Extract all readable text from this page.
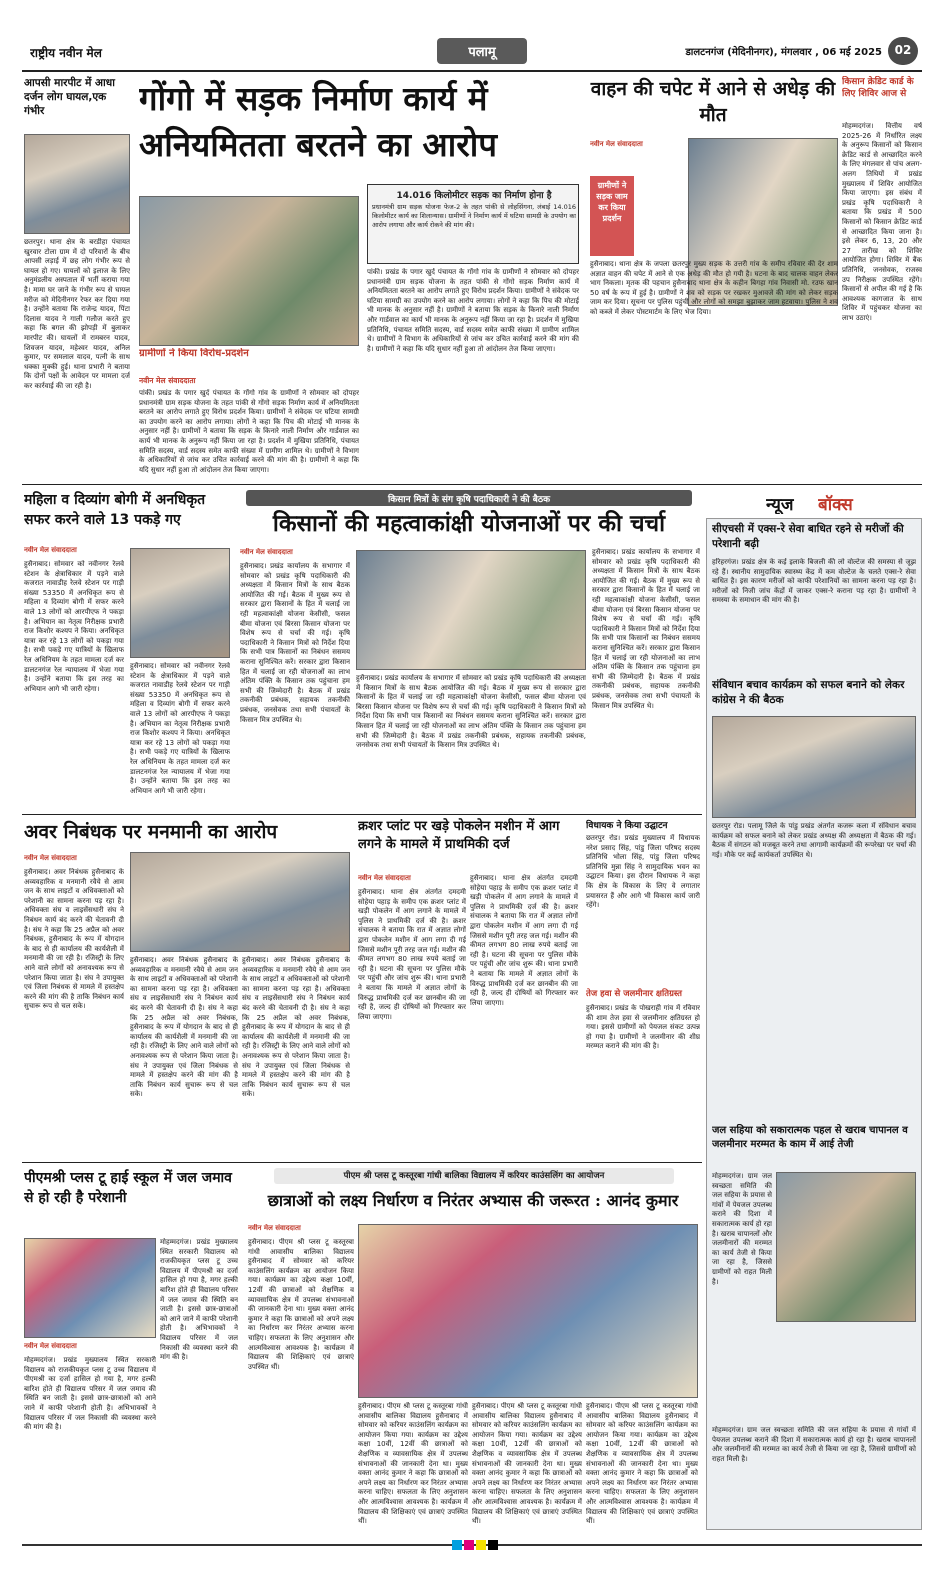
राष्ट्रीय नवीन मेल	पलामू	डालटनगंज (मेदिनीनगर), मंगलवार , 06 मई 2025	02
आपसी मारपीट में आधा दर्जन लोग घायल,एक गंभीर
छतरपुर। थाना क्षेत्र के बरडीहा पंचायत खुरवार टोला ग्राम में दो परिवारों के बीच आपसी लड़ाई में छह लोग गंभीर रूप से घायल हो गए। घायलों को इलाज के लिए अनुमंडलीय अस्पताल में भर्ती कराया गया है। मामा घर जाने के गंभीर रूप से घायल मरीज को मेदिनीनगर रेफर कर दिया गया है। उन्होंने बताया कि राजेन्द्र यादव, पिंटा दिलास यादव ने गाली गलौज करते हुए कहा कि बगल की झोपड़ी में बुलाकर मारपीट की। घायलों में रामबरन यादव, शिवजन यादव, महेश्वर यादव, अनिल कुमार, पर समलाल यादव, पत्नी के साथ धक्का मुक्की हुई। थाना प्रभारी ने बताया कि दोनों पक्षों के आवेदन पर मामला दर्ज कर कार्रवाई की जा रही है।
गोंगो में सड़क निर्माण कार्य में अनियमितता बरतने का आरोप
14.016 किलोमीटर सड़क का निर्माण होना है
प्रधानमंत्री ग्राम सड़क योजना फेज-2 के तहत पांकी से लोहसिंगना, लंबाई 14.016 किलोमीटर कार्य का शिलान्यास। ग्रामीणों ने निर्माण कार्य में घटिया सामग्री के उपयोग का आरोप लगाया और कार्य रोकने की मांग की।
पांकी। प्रखंड के पगार खुर्द पंचायत के गोंगो गांव के ग्रामीणों ने सोमवार को दोपहर प्रधानमंत्री ग्राम सड़क योजना के तहत पांकी से गोंगो सड़क निर्माण कार्य में अनियमितता बरतने का आरोप लगाते हुए विरोध प्रदर्शन किया। ग्रामीणों ने संवेदक पर घटिया सामग्री का उपयोग करने का आरोप लगाया। लोगों ने कहा कि पिच की मोटाई भी मानक के अनुसार नहीं है। ग्रामीणों ने बताया कि सड़क के किनारे नाली निर्माण और गार्डवाल का कार्य भी मानक के अनुरूप नहीं किया जा रहा है। प्रदर्शन में मुखिया प्रतिनिधि, पंचायत समिति सदस्य, वार्ड सदस्य समेत काफी संख्या में ग्रामीण शामिल थे। ग्रामीणों ने विभाग के अधिकारियों से जांच कर उचित कार्रवाई करने की मांग की है। ग्रामीणों ने कहा कि यदि सुधार नहीं हुआ तो आंदोलन तेज किया जाएगा।
ग्रामीणों ने किया विरोध-प्रदर्शन
नवीन मेल संवाददाता
पांकी। प्रखंड के पगार खुर्द पंचायत के गोंगो गांव के ग्रामीणों ने सोमवार को दोपहर प्रधानमंत्री ग्राम सड़क योजना के तहत पांकी से गोंगो सड़क निर्माण कार्य में अनियमितता बरतने का आरोप लगाते हुए विरोध प्रदर्शन किया। ग्रामीणों ने संवेदक पर घटिया सामग्री का उपयोग करने का आरोप लगाया। लोगों ने कहा कि पिच की मोटाई भी मानक के अनुसार नहीं है। ग्रामीणों ने बताया कि सड़क के किनारे नाली निर्माण और गार्डवाल का कार्य भी मानक के अनुरूप नहीं किया जा रहा है। प्रदर्शन में मुखिया प्रतिनिधि, पंचायत समिति सदस्य, वार्ड सदस्य समेत काफी संख्या में ग्रामीण शामिल थे। ग्रामीणों ने विभाग के अधिकारियों से जांच कर उचित कार्रवाई करने की मांग की है। ग्रामीणों ने कहा कि यदि सुधार नहीं हुआ तो आंदोलन तेज किया जाएगा।
वाहन की चपेट में आने से अधेड़ की मौत
नवीन मेल संवाददाता
ग्रामीणों ने सड़क जाम कर किया प्रदर्शन
हुसैनाबाद। थाना क्षेत्र के जपला छतरपुर मुख्य सड़क के उत्तरी गांव के समीप रविवार की देर शाम अज्ञात वाहन की चपेट में आने से एक अधेड़ की मौत हो गयी है। घटना के बाद चालक वाहन लेकर भाग निकला। मृतक की पहचान हुसैनाबाद थाना क्षेत्र के कहीन बिगहा गांव निवासी मो. रउफ खान 50 वर्ष के रूप में हुई है। ग्रामीणों ने शव को सड़क पर रखकर मुआवजे की मांग को लेकर सड़क जाम कर दिया। सूचना पर पुलिस पहुंची और लोगों को समझा बुझाकर जाम हटवाया। पुलिस ने शव को कब्जे में लेकर पोस्टमार्टम के लिए भेज दिया।
किसान क्रेडिट कार्ड के लिए शिविर आज से
मोहम्मदगंज। वित्तीय वर्ष 2025-26 में निर्धारित लक्ष्य के अनुरूप किसानों को किसान क्रेडिट कार्ड से आच्छादित करने के लिए मंगलवार से पांच अलग-अलग तिथियों में प्रखंड मुख्यालय में शिविर आयोजित किया जाएगा। इस संबंध में प्रखंड कृषि पदाधिकारी ने बताया कि प्रखंड में 500 किसानों को किसान क्रेडिट कार्ड से आच्छादित किया जाना है। इसे लेकर 6, 13, 20 और 27 तारीख को शिविर आयोजित होगा। शिविर में बैंक प्रतिनिधि, जनसेवक, राजस्व उप निरीक्षक उपस्थित रहेंगे। किसानों से अपील की गई है कि आवश्यक कागजात के साथ शिविर में पहुंचकर योजना का लाभ उठाएं।
महिला व दिव्यांग बोगी में अनधिकृत सफर करने वाले 13 पकड़े गए
नवीन मेल संवाददाता
हुसैनाबाद। सोमवार को नवीनगर रेलवे स्टेशन के क्षेत्राधिकार में पड़ने वाले कजरात नावाडीह रेलवे स्टेशन पर गाड़ी संख्या 53350 में अनधिकृत रूप से महिला व दिव्यांग बोगी में सफर करने वाले 13 लोगों को आरपीएफ ने पकड़ा है। अभियान का नेतृत्व निरीक्षक प्रभारी राज किशोर कश्यप ने किया। अनधिकृत यात्रा कर रहे 13 लोगों को पकड़ा गया है। सभी पकड़े गए यात्रियों के खिलाफ रेल अधिनियम के तहत मामला दर्ज कर डालटनगंज रेल न्यायालय में भेजा गया है। उन्होंने बताया कि इस तरह का अभियान आगे भी जारी रहेगा।
हुसैनाबाद। सोमवार को नवीनगर रेलवे स्टेशन के क्षेत्राधिकार में पड़ने वाले कजरात नावाडीह रेलवे स्टेशन पर गाड़ी संख्या 53350 में अनधिकृत रूप से महिला व दिव्यांग बोगी में सफर करने वाले 13 लोगों को आरपीएफ ने पकड़ा है। अभियान का नेतृत्व निरीक्षक प्रभारी राज किशोर कश्यप ने किया। अनधिकृत यात्रा कर रहे 13 लोगों को पकड़ा गया है। सभी पकड़े गए यात्रियों के खिलाफ रेल अधिनियम के तहत मामला दर्ज कर डालटनगंज रेल न्यायालय में भेजा गया है। उन्होंने बताया कि इस तरह का अभियान आगे भी जारी रहेगा।
किसान मित्रों के संग कृषि पदाधिकारी ने की बैठक
किसानों की महत्वाकांक्षी योजनाओं पर की चर्चा
नवीन मेल संवाददाता
हुसैनाबाद। प्रखंड कार्यालय के सभागार में सोमवार को प्रखंड कृषि पदाधिकारी की अध्यक्षता में किसान मित्रों के साथ बैठक आयोजित की गई। बैठक में मुख्य रूप से सरकार द्वारा किसानों के हित में चलाई जा रही महत्वाकांक्षी योजना केसीसी, फसल बीमा योजना एवं बिरसा किसान योजना पर विशेष रूप से चर्चा की गई। कृषि पदाधिकारी ने किसान मित्रों को निर्देश दिया कि सभी पात्र किसानों का निबंधन ससमय कराना सुनिश्चित करें। सरकार द्वारा किसान हित में चलाई जा रही योजनाओं का लाभ अंतिम पंक्ति के किसान तक पहुंचाना हम सभी की जिम्मेदारी है। बैठक में प्रखंड तकनीकी प्रबंधक, सहायक तकनीकी प्रबंधक, जनसेवक तथा सभी पंचायतों के किसान मित्र उपस्थित थे।
हुसैनाबाद। प्रखंड कार्यालय के सभागार में सोमवार को प्रखंड कृषि पदाधिकारी की अध्यक्षता में किसान मित्रों के साथ बैठक आयोजित की गई। बैठक में मुख्य रूप से सरकार द्वारा किसानों के हित में चलाई जा रही महत्वाकांक्षी योजना केसीसी, फसल बीमा योजना एवं बिरसा किसान योजना पर विशेष रूप से चर्चा की गई। कृषि पदाधिकारी ने किसान मित्रों को निर्देश दिया कि सभी पात्र किसानों का निबंधन ससमय कराना सुनिश्चित करें। सरकार द्वारा किसान हित में चलाई जा रही योजनाओं का लाभ अंतिम पंक्ति के किसान तक पहुंचाना हम सभी की जिम्मेदारी है। बैठक में प्रखंड तकनीकी प्रबंधक, सहायक तकनीकी प्रबंधक, जनसेवक तथा सभी पंचायतों के किसान मित्र उपस्थित थे।
हुसैनाबाद। प्रखंड कार्यालय के सभागार में सोमवार को प्रखंड कृषि पदाधिकारी की अध्यक्षता में किसान मित्रों के साथ बैठक आयोजित की गई। बैठक में मुख्य रूप से सरकार द्वारा किसानों के हित में चलाई जा रही महत्वाकांक्षी योजना केसीसी, फसल बीमा योजना एवं बिरसा किसान योजना पर विशेष रूप से चर्चा की गई। कृषि पदाधिकारी ने किसान मित्रों को निर्देश दिया कि सभी पात्र किसानों का निबंधन ससमय कराना सुनिश्चित करें। सरकार द्वारा किसान हित में चलाई जा रही योजनाओं का लाभ अंतिम पंक्ति के किसान तक पहुंचाना हम सभी की जिम्मेदारी है। बैठक में प्रखंड तकनीकी प्रबंधक, सहायक तकनीकी प्रबंधक, जनसेवक तथा सभी पंचायतों के किसान मित्र उपस्थित थे।
न्यूज	बॉक्स
सीएचसी में एक्स-रे सेवा बाधित रहने से मरीजों की परेशानी बढ़ी
हरिहरगंज। प्रखंड क्षेत्र के कई इलाके बिजली की लो वोल्टेज की समस्या से जूझ रहे हैं। स्थानीय सामुदायिक स्वास्थ्य केंद्र में कम वोल्टेज के चलते एक्स-रे सेवा बाधित है। इस कारण मरीजों को काफी परेशानियों का सामना करना पड़ रहा है। मरीजों को निजी जांच केंद्रों में जाकर एक्स-रे कराना पड़ रहा है। ग्रामीणों ने समस्या के समाधान की मांग की है।
संविधान बचाव कार्यक्रम को सफल बनाने को लेकर कांग्रेस ने की बैठक
छतरपुर रोड। पलामू जिले के पांडु प्रखंड अंतर्गत कजरू कला में संविधान बचाव कार्यक्रम को सफल बनाने को लेकर प्रखंड अध्यक्ष की अध्यक्षता में बैठक की गई। बैठक में संगठन को मजबूत करने तथा आगामी कार्यक्रमों की रूपरेखा पर चर्चा की गई। मौके पर कई कार्यकर्ता उपस्थित थे।
जल सहिया को सकारात्मक पहल से खराब चापानल व जलमीनार मरम्मत के काम में आई तेजी
मोहम्मदगंज। ग्राम जल स्वच्छता समिति की जल सहिया के प्रयास से गांवों में पेयजल उपलब्ध कराने की दिशा में सकारात्मक कार्य हो रहा है। खराब चापानलों और जलमीनारों की मरम्मत का कार्य तेजी से किया जा रहा है, जिससे ग्रामीणों को राहत मिली है।
मोहम्मदगंज। ग्राम जल स्वच्छता समिति की जल सहिया के प्रयास से गांवों में पेयजल उपलब्ध कराने की दिशा में सकारात्मक कार्य हो रहा है। खराब चापानलों और जलमीनारों की मरम्मत का कार्य तेजी से किया जा रहा है, जिससे ग्रामीणों को राहत मिली है।
अवर निबंधक पर मनमानी का आरोप
नवीन मेल संवाददाता
हुसैनाबाद। अवर निबंधक हुसैनाबाद के अव्यवहारिक व मनमानी रवैये से आम जन के साथ लाइटों व अधिवक्ताओं को परेशानी का सामना करना पड़ रहा है। अधिवक्ता संघ व लाइसेंसधारी संघ ने निबंधन कार्य बंद करने की चेतावनी दी है। संघ ने कहा कि 25 अप्रैल को अवर निबंधक, हुसैनाबाद के रूप में योगदान के बाद से ही कार्यालय की कार्यशैली में मनमानी की जा रही है। रजिस्ट्री के लिए आने वाले लोगों को अनावश्यक रूप से परेशान किया जाता है। संघ ने उपायुक्त एवं जिला निबंधक से मामले में हस्तक्षेप करने की मांग की है ताकि निबंधन कार्य सुचारू रूप से चल सके।
हुसैनाबाद। अवर निबंधक हुसैनाबाद के अव्यवहारिक व मनमानी रवैये से आम जन के साथ लाइटों व अधिवक्ताओं को परेशानी का सामना करना पड़ रहा है। अधिवक्ता संघ व लाइसेंसधारी संघ ने निबंधन कार्य बंद करने की चेतावनी दी है। संघ ने कहा कि 25 अप्रैल को अवर निबंधक, हुसैनाबाद के रूप में योगदान के बाद से ही कार्यालय की कार्यशैली में मनमानी की जा रही है। रजिस्ट्री के लिए आने वाले लोगों को अनावश्यक रूप से परेशान किया जाता है। संघ ने उपायुक्त एवं जिला निबंधक से मामले में हस्तक्षेप करने की मांग की है ताकि निबंधन कार्य सुचारू रूप से चल सके।
हुसैनाबाद। अवर निबंधक हुसैनाबाद के अव्यवहारिक व मनमानी रवैये से आम जन के साथ लाइटों व अधिवक्ताओं को परेशानी का सामना करना पड़ रहा है। अधिवक्ता संघ व लाइसेंसधारी संघ ने निबंधन कार्य बंद करने की चेतावनी दी है। संघ ने कहा कि 25 अप्रैल को अवर निबंधक, हुसैनाबाद के रूप में योगदान के बाद से ही कार्यालय की कार्यशैली में मनमानी की जा रही है। रजिस्ट्री के लिए आने वाले लोगों को अनावश्यक रूप से परेशान किया जाता है। संघ ने उपायुक्त एवं जिला निबंधक से मामले में हस्तक्षेप करने की मांग की है ताकि निबंधन कार्य सुचारू रूप से चल सके।
क्रशर प्लांट पर खड़े पोकलेन मशीन में आग लगने के मामले में प्राथमिकी दर्ज
नवीन मेल संवाददाता
हुसैनाबाद। थाना क्षेत्र अंतर्गत दमदमी सोहेया पहाड़ के समीप एक क्रशर प्लांट में खड़ी पोकलेन में आग लगाने के मामले में पुलिस ने प्राथमिकी दर्ज की है। क्रशर संचालक ने बताया कि रात में अज्ञात लोगों द्वारा पोकलेन मशीन में आग लगा दी गई जिससे मशीन पूरी तरह जल गई। मशीन की कीमत लगभग 80 लाख रुपये बताई जा रही है। घटना की सूचना पर पुलिस मौके पर पहुंची और जांच शुरू की। थाना प्रभारी ने बताया कि मामले में अज्ञात लोगों के विरुद्ध प्राथमिकी दर्ज कर छानबीन की जा रही है, जल्द ही दोषियों को गिरफ्तार कर लिया जाएगा।
हुसैनाबाद। थाना क्षेत्र अंतर्गत दमदमी सोहेया पहाड़ के समीप एक क्रशर प्लांट में खड़ी पोकलेन में आग लगाने के मामले में पुलिस ने प्राथमिकी दर्ज की है। क्रशर संचालक ने बताया कि रात में अज्ञात लोगों द्वारा पोकलेन मशीन में आग लगा दी गई जिससे मशीन पूरी तरह जल गई। मशीन की कीमत लगभग 80 लाख रुपये बताई जा रही है। घटना की सूचना पर पुलिस मौके पर पहुंची और जांच शुरू की। थाना प्रभारी ने बताया कि मामले में अज्ञात लोगों के विरुद्ध प्राथमिकी दर्ज कर छानबीन की जा रही है, जल्द ही दोषियों को गिरफ्तार कर लिया जाएगा।
विधायक ने किया उद्घाटन
छतरपुर रोड। प्रखंड मुख्यालय में विधायक नरेश प्रसाद सिंह, पांडु जिला परिषद सदस्य प्रतिनिधि भोला सिंह, पांडु जिला परिषद प्रतिनिधि मुन्ना सिंह ने सामुदायिक भवन का उद्घाटन किया। इस दौरान विधायक ने कहा कि क्षेत्र के विकास के लिए वे लगातार प्रयासरत हैं और आगे भी विकास कार्य जारी रहेंगे।
तेज हवा से जलमीनार क्षतिग्रस्त
हुसैनाबाद। प्रखंड के पोखराही गांव में रविवार की शाम तेज हवा से जलमीनार क्षतिग्रस्त हो गया। इससे ग्रामीणों को पेयजल संकट उत्पन्न हो गया है। ग्रामीणों ने जलमीनार की शीघ्र मरम्मत कराने की मांग की है।
पीएमश्री प्लस टू हाई स्कूल में जल जमाव से हो रही है परेशानी
नवीन मेल संवाददाता
मोहम्मदगंज। प्रखंड मुख्यालय स्थित सरकारी विद्यालय को राजकीयकृत प्लस टू उच्च विद्यालय में पीएमश्री का दर्जा हासिल हो गया है, मगर हल्की बारिश होते ही विद्यालय परिसर में जल जमाव की स्थिति बन जाती है। इससे छात्र-छात्राओं को आने जाने में काफी परेशानी होती है। अभिभावकों ने विद्यालय परिसर में जल निकासी की व्यवस्था करने की मांग की है।
मोहम्मदगंज। प्रखंड मुख्यालय स्थित सरकारी विद्यालय को राजकीयकृत प्लस टू उच्च विद्यालय में पीएमश्री का दर्जा हासिल हो गया है, मगर हल्की बारिश होते ही विद्यालय परिसर में जल जमाव की स्थिति बन जाती है। इससे छात्र-छात्राओं को आने जाने में काफी परेशानी होती है। अभिभावकों ने विद्यालय परिसर में जल निकासी की व्यवस्था करने की मांग की है।
पीएम श्री प्लस टू कस्तूरबा गांधी बालिका विद्यालय में करियर काउंसलिंग का आयोजन
छात्राओं को लक्ष्य निर्धारण व निरंतर अभ्यास की जरूरत : आनंद कुमार
नवीन मेल संवाददाता
हुसैनाबाद। पीएम श्री प्लस टू कस्तूरबा गांधी आवासीय बालिका विद्यालय हुसैनाबाद में सोमवार को करियर काउंसलिंग कार्यक्रम का आयोजन किया गया। कार्यक्रम का उद्देश्य कक्षा 10वीं, 12वीं की छात्राओं को शैक्षणिक व व्यावसायिक क्षेत्र में उपलब्ध संभावनाओं की जानकारी देना था। मुख्य वक्ता आनंद कुमार ने कहा कि छात्राओं को अपने लक्ष्य का निर्धारण कर निरंतर अभ्यास करना चाहिए। सफलता के लिए अनुशासन और आत्मविश्वास आवश्यक है। कार्यक्रम में विद्यालय की शिक्षिकाएं एवं छात्राएं उपस्थित थीं।
हुसैनाबाद। पीएम श्री प्लस टू कस्तूरबा गांधी आवासीय बालिका विद्यालय हुसैनाबाद में सोमवार को करियर काउंसलिंग कार्यक्रम का आयोजन किया गया। कार्यक्रम का उद्देश्य कक्षा 10वीं, 12वीं की छात्राओं को शैक्षणिक व व्यावसायिक क्षेत्र में उपलब्ध संभावनाओं की जानकारी देना था। मुख्य वक्ता आनंद कुमार ने कहा कि छात्राओं को अपने लक्ष्य का निर्धारण कर निरंतर अभ्यास करना चाहिए। सफलता के लिए अनुशासन और आत्मविश्वास आवश्यक है। कार्यक्रम में विद्यालय की शिक्षिकाएं एवं छात्राएं उपस्थित थीं।
हुसैनाबाद। पीएम श्री प्लस टू कस्तूरबा गांधी आवासीय बालिका विद्यालय हुसैनाबाद में सोमवार को करियर काउंसलिंग कार्यक्रम का आयोजन किया गया। कार्यक्रम का उद्देश्य कक्षा 10वीं, 12वीं की छात्राओं को शैक्षणिक व व्यावसायिक क्षेत्र में उपलब्ध संभावनाओं की जानकारी देना था। मुख्य वक्ता आनंद कुमार ने कहा कि छात्राओं को अपने लक्ष्य का निर्धारण कर निरंतर अभ्यास करना चाहिए। सफलता के लिए अनुशासन और आत्मविश्वास आवश्यक है। कार्यक्रम में विद्यालय की शिक्षिकाएं एवं छात्राएं उपस्थित थीं।
हुसैनाबाद। पीएम श्री प्लस टू कस्तूरबा गांधी आवासीय बालिका विद्यालय हुसैनाबाद में सोमवार को करियर काउंसलिंग कार्यक्रम का आयोजन किया गया। कार्यक्रम का उद्देश्य कक्षा 10वीं, 12वीं की छात्राओं को शैक्षणिक व व्यावसायिक क्षेत्र में उपलब्ध संभावनाओं की जानकारी देना था। मुख्य वक्ता आनंद कुमार ने कहा कि छात्राओं को अपने लक्ष्य का निर्धारण कर निरंतर अभ्यास करना चाहिए। सफलता के लिए अनुशासन और आत्मविश्वास आवश्यक है। कार्यक्रम में विद्यालय की शिक्षिकाएं एवं छात्राएं उपस्थित थीं।
